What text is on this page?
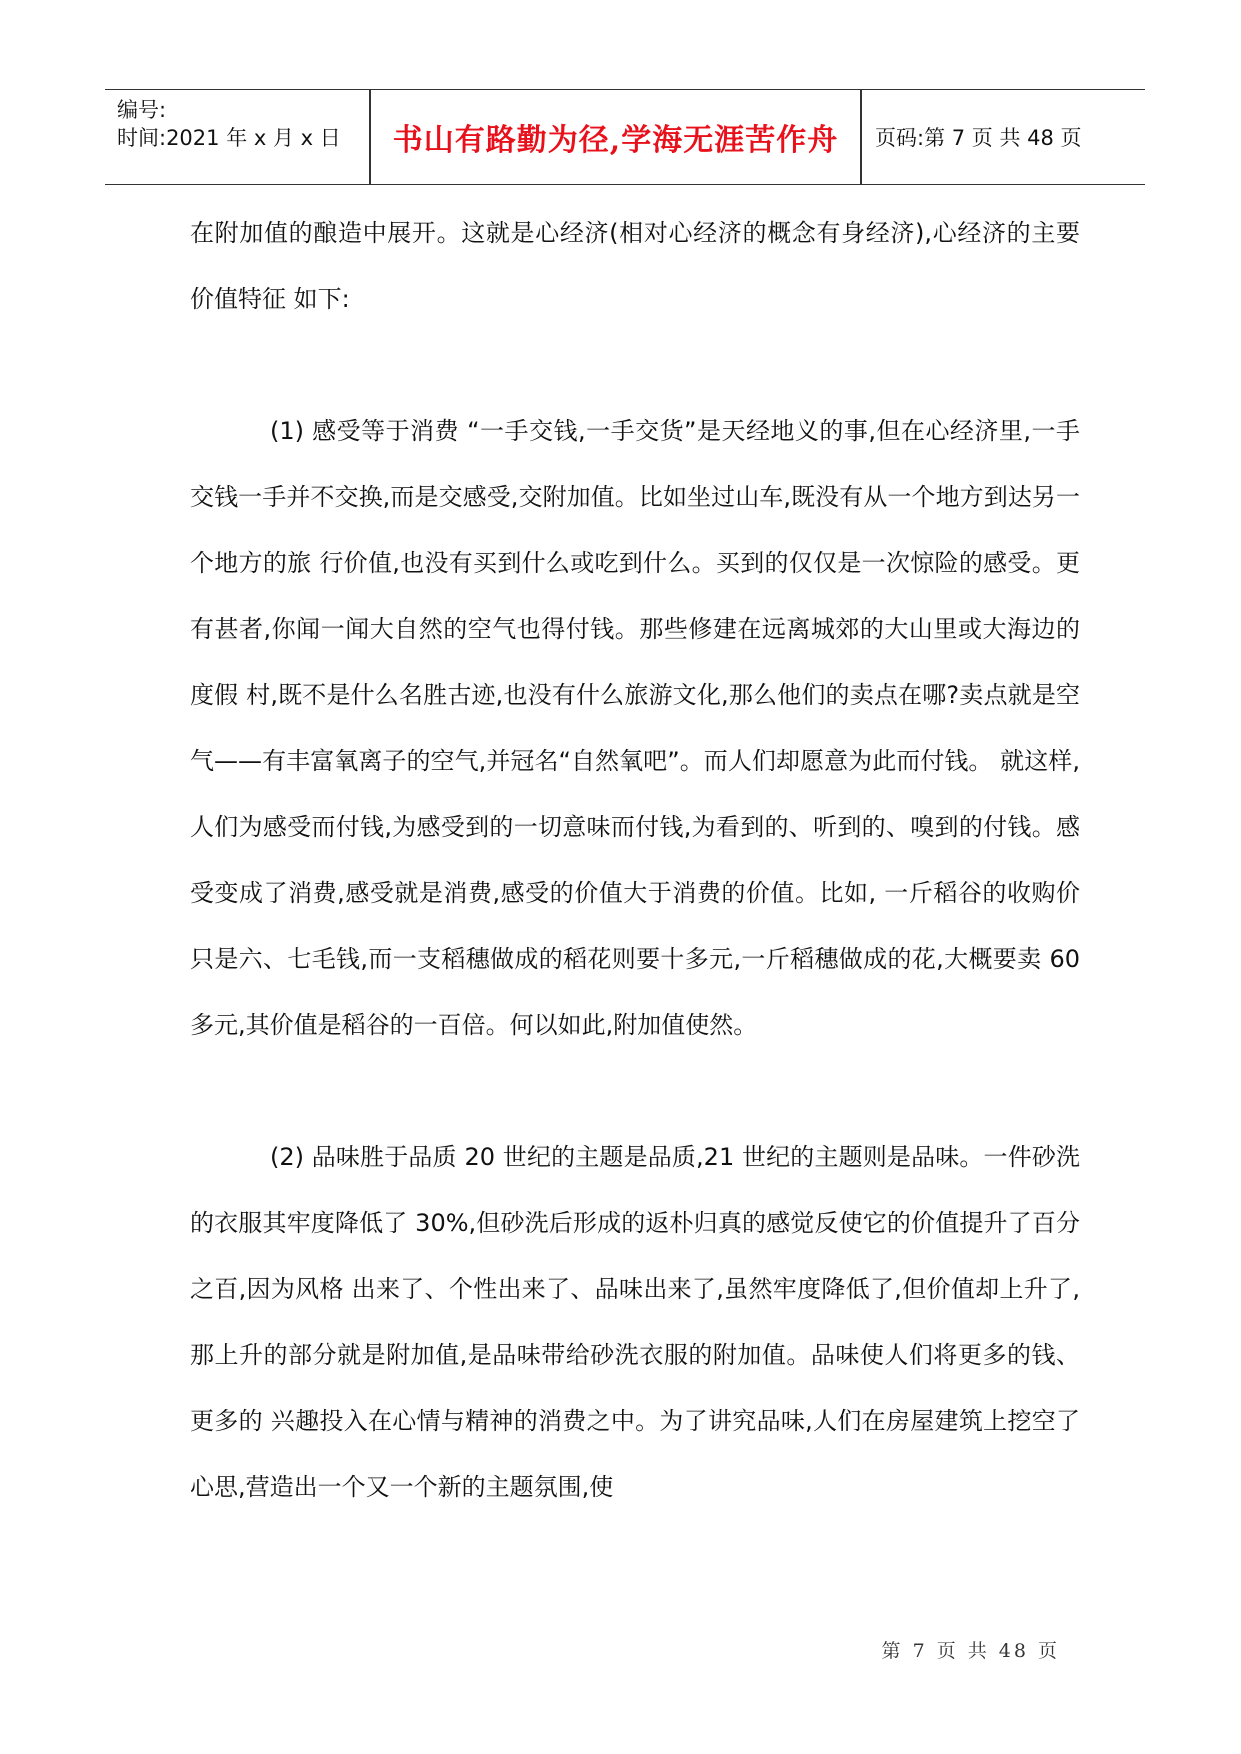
编号:
时间:2021 年 x 月 x 日	书山有路勤为径,学海无涯苦作舟	页码:第 7 页 共 48 页

在附加值的酿造中展开。这就是心经济(相对心经济的概念有身经济),心经济的主要价值特征 如下:

(1) 感受等于消费 “一手交钱,一手交货”是天经地义的事,但在心经济里,一手交钱一手并不交换,而是交感受,交附加值。比如坐过山车,既没有从一个地方到达另一个地方的旅 行价值,也没有买到什么或吃到什么。买到的仅仅是一次惊险的感受。更有甚者,你闻一闻大自然的空气也得付钱。那些修建在远离城郊的大山里或大海边的度假 村,既不是什么名胜古迹,也没有什么旅游文化,那么他们的卖点在哪?卖点就是空气——有丰富氧离子的空气,并冠名“自然氧吧”。而人们却愿意为此而付钱。 就这样,人们为感受而付钱,为感受到的一切意味而付钱,为看到的、听到的、嗅到的付钱。感受变成了消费,感受就是消费,感受的价值大于消费的价值。比如, 一斤稻谷的收购价只是六、七毛钱,而一支稻穗做成的稻花则要十多元,一斤稻穗做成的花,大概要卖 60 多元,其价值是稻谷的一百倍。何以如此,附加值使然。

(2) 品味胜于品质 20 世纪的主题是品质,21 世纪的主题则是品味。一件砂洗的衣服其牢度降低了 30%,但砂洗后形成的返朴归真的感觉反使它的价值提升了百分之百,因为风格 出来了、个性出来了、品味出来了,虽然牢度降低了,但价值却上升了,那上升的部分就是附加值,是品味带给砂洗衣服的附加值。品味使人们将更多的钱、更多的 兴趣投入在心情与精神的消费之中。为了讲究品味,人们在房屋建筑上挖空了心思,营造出一个又一个新的主题氛围,使

第 7 页 共 48 页
